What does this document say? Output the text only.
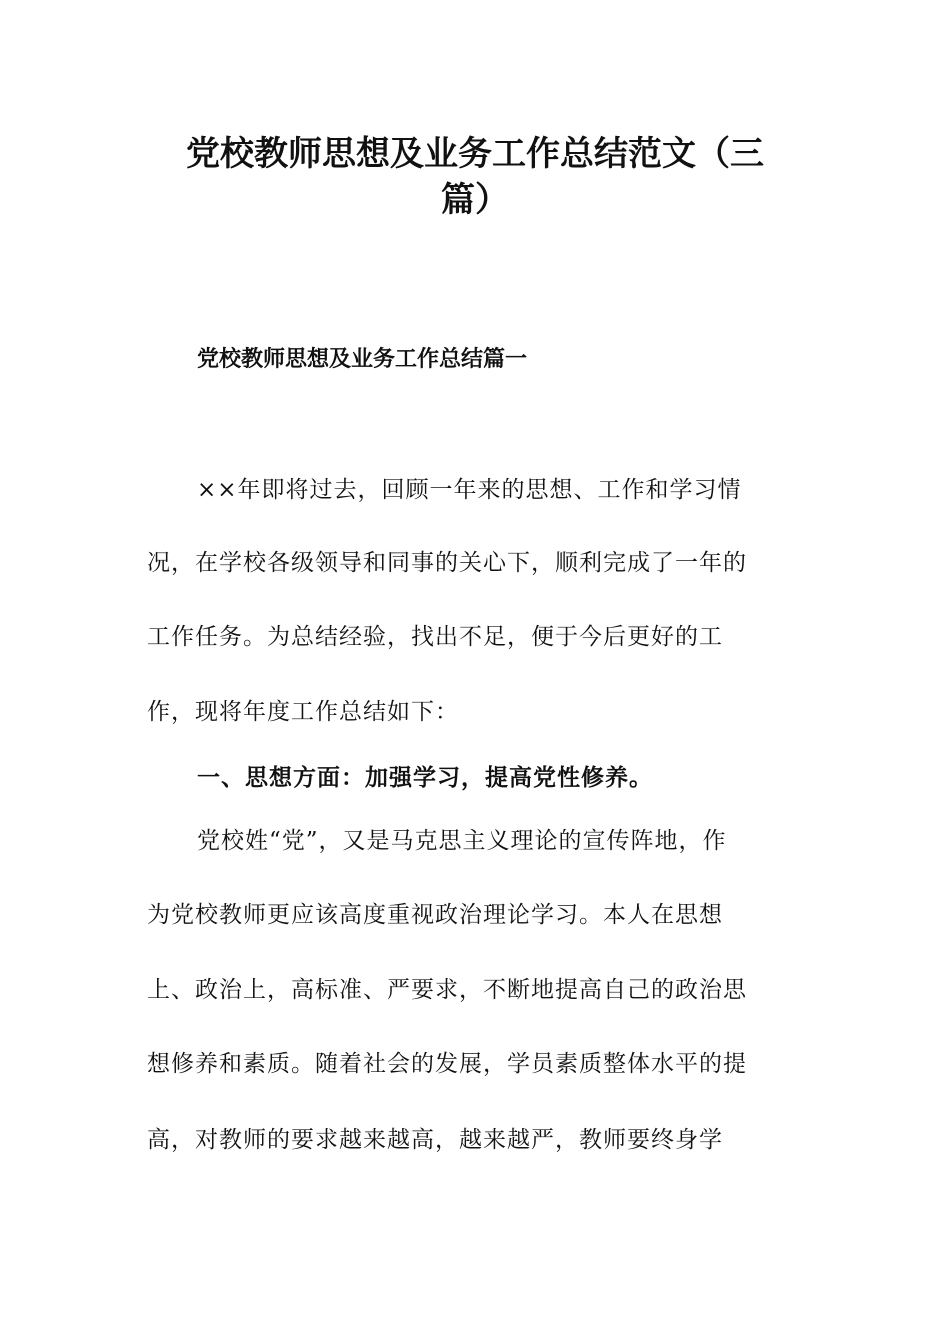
党校教师思想及业务工作总结范文（三
篇）
党校教师思想及业务工作总结篇一
××年即将过去，回顾一年来的思想、工作和学习情
况，在学校各级领导和同事的关心下，顺利完成了一年的
工作任务。为总结经验，找出不足，便于今后更好的工
作，现将年度工作总结如下：
一、思想方面：加强学习，提高党性修养。
党校姓“党”，又是马克思主义理论的宣传阵地，作
为党校教师更应该高度重视政治理论学习。本人在思想
上、政治上，高标准、严要求，不断地提高自己的政治思
想修养和素质。随着社会的发展，学员素质整体水平的提
高，对教师的要求越来越高，越来越严，教师要终身学
